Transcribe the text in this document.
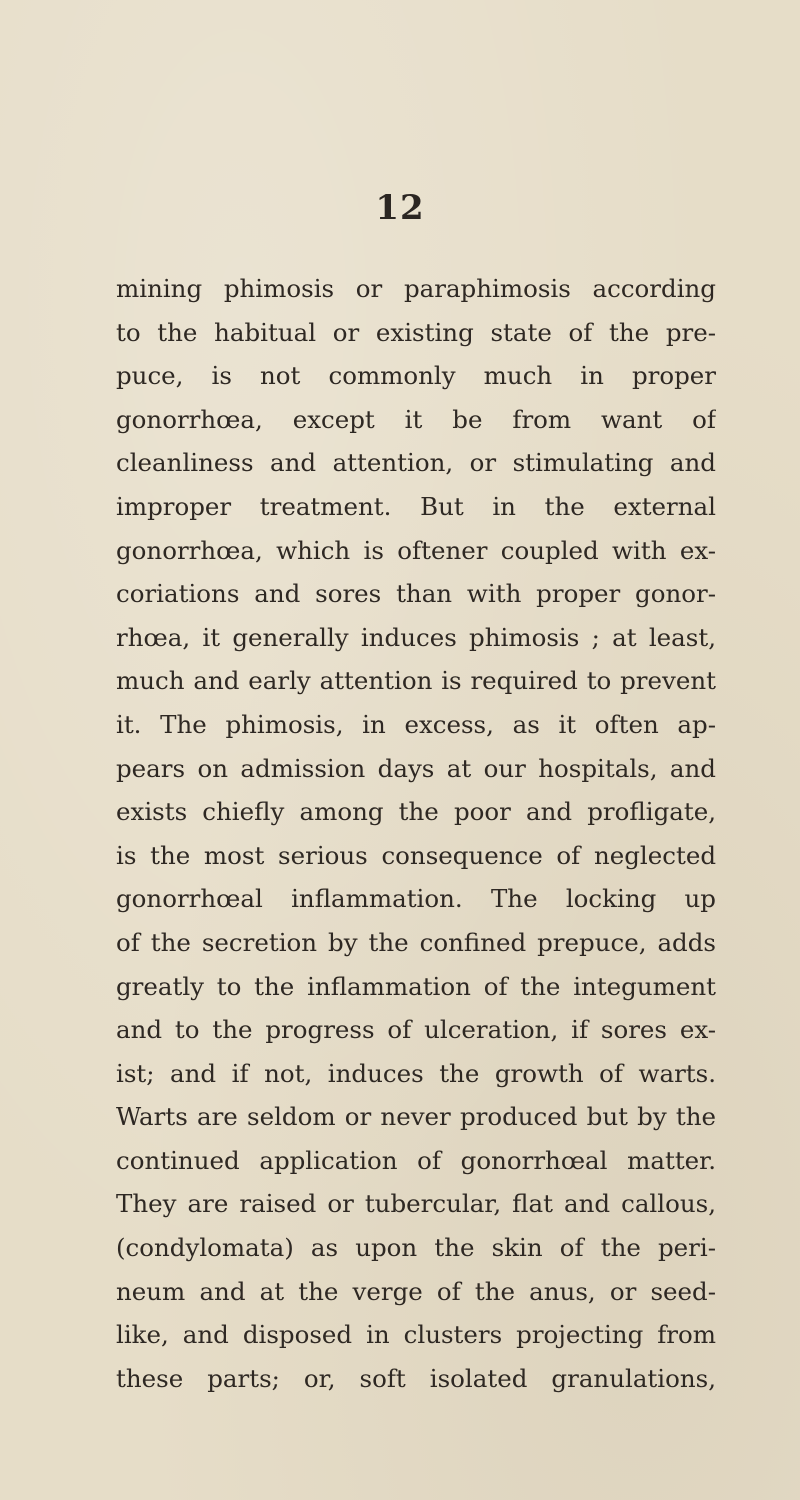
12
mining phimosis or paraphimosis according
to the habitual or existing state of the pre-
puce, is not commonly much in proper
gonorrhœa, except it be from want of
cleanliness and attention, or stimulating and
improper treatment. But in the external
gonorrhœa, which is oftener coupled with ex-
coriations and sores than with proper gonor-
rhœa, it generally induces phimosis ; at least,
much and early attention is required to prevent
it. The phimosis, in excess, as it often ap-
pears on admission days at our hospitals, and
exists chiefly among the poor and profligate,
is the most serious consequence of neglected
gonorrhœal inflammation. The locking up
of the secretion by the confined prepuce, adds
greatly to the inflammation of the integument
and to the progress of ulceration, if sores ex-
ist; and if not, induces the growth of warts.
Warts are seldom or never produced but by the
continued application of gonorrhœal matter.
They are raised or tubercular, flat and callous,
(condylomata) as upon the skin of the peri-
neum and at the verge of the anus, or seed-
like, and disposed in clusters projecting from
these parts; or, soft isolated granulations,
